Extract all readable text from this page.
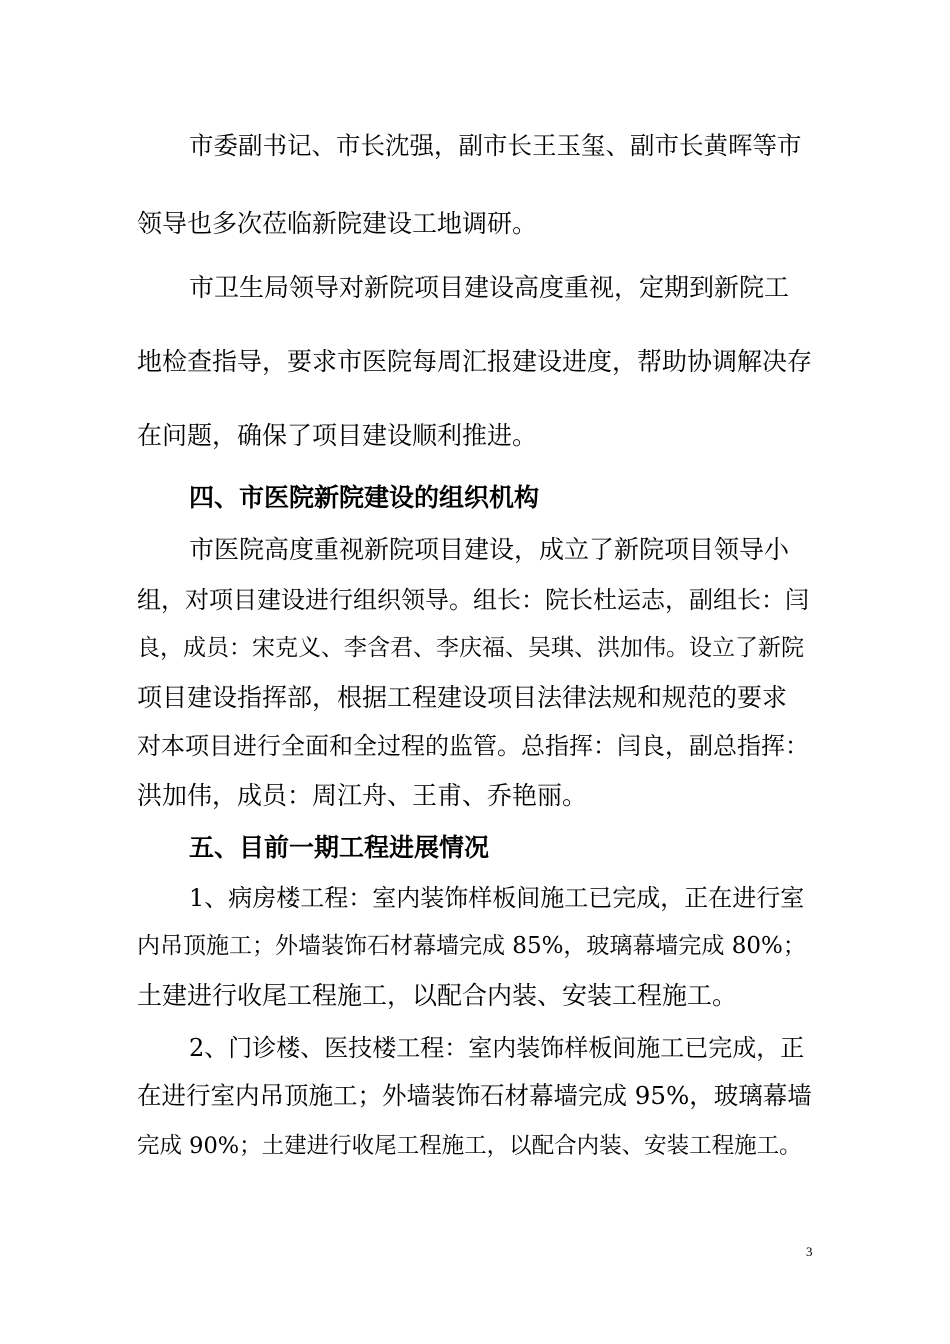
市委副书记、市长沈强，副市长王玉玺、副市长黄晖等市
领导也多次莅临新院建设工地调研。
市卫生局领导对新院项目建设高度重视，定期到新院工
地检查指导，要求市医院每周汇报建设进度，帮助协调解决存
在问题，确保了项目建设顺利推进。
四、市医院新院建设的组织机构
市医院高度重视新院项目建设，成立了新院项目领导小
组，对项目建设进行组织领导。组长：院长杜运志，副组长：闫
良，成员：宋克义、李含君、李庆福、吴琪、洪加伟。设立了新院
项目建设指挥部，根据工程建设项目法律法规和规范的要求
对本项目进行全面和全过程的监管。总指挥：闫良，副总指挥：
洪加伟，成员：周江舟、王甫、乔艳丽。
五、目前一期工程进展情况
1、病房楼工程：室内装饰样板间施工已完成，正在进行室
内吊顶施工；外墙装饰石材幕墙完成 85%，玻璃幕墙完成 80%；
土建进行收尾工程施工，以配合内装、安装工程施工。
2、门诊楼、医技楼工程：室内装饰样板间施工已完成，正
在进行室内吊顶施工；外墙装饰石材幕墙完成 95%，玻璃幕墙
完成 90%；土建进行收尾工程施工，以配合内装、安装工程施工。
3
